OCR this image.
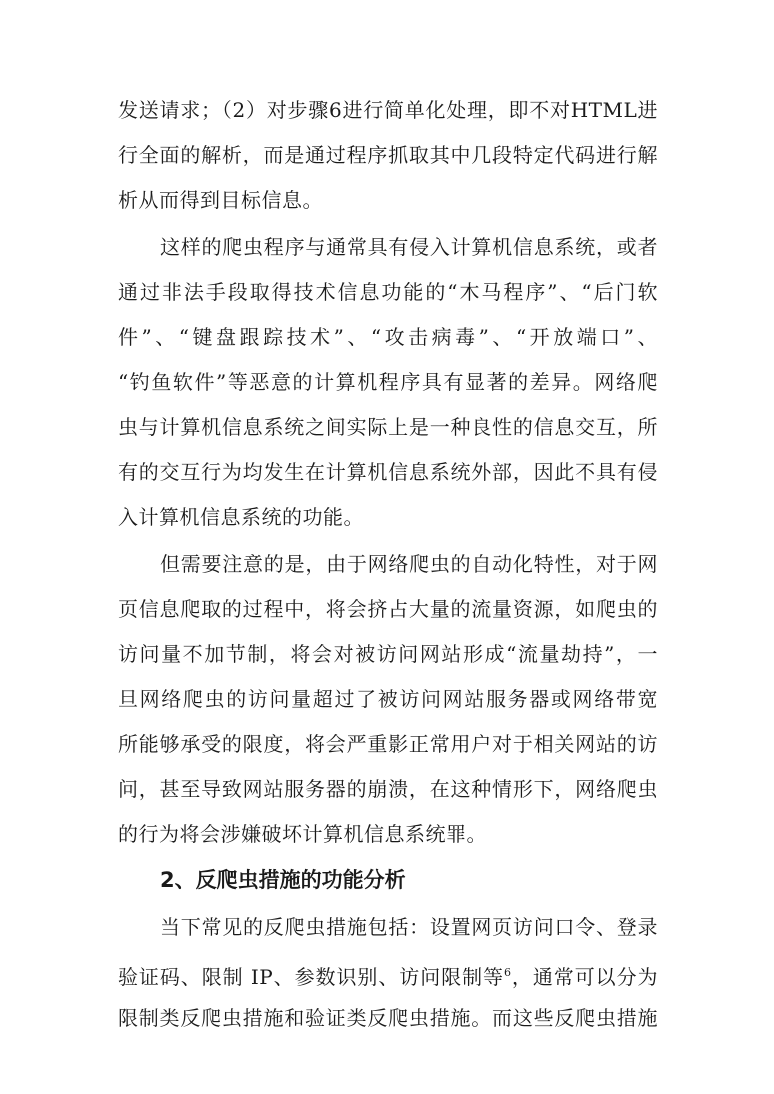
发送请求；（2）对步骤6进行简单化处理，即不对HTML进
行全面的解析，而是通过程序抓取其中几段特定代码进行解
析从而得到目标信息。
这样的爬虫程序与通常具有侵入计算机信息系统，或者
通过非法手段取得技术信息功能的“木马程序”、“后门软
件”、“键盘跟踪技术”、“攻击病毒”、“开放端口”、
“钓鱼软件”等恶意的计算机程序具有显著的差异。网络爬
虫与计算机信息系统之间实际上是一种良性的信息交互，所
有的交互行为均发生在计算机信息系统外部，因此不具有侵
入计算机信息系统的功能。
但需要注意的是，由于网络爬虫的自动化特性，对于网
页信息爬取的过程中，将会挤占大量的流量资源，如爬虫的
访问量不加节制，将会对被访问网站形成“流量劫持”，一
旦网络爬虫的访问量超过了被访问网站服务器或网络带宽
所能够承受的限度，将会严重影正常用户对于相关网站的访
问，甚至导致网站服务器的崩溃，在这种情形下，网络爬虫
的行为将会涉嫌破坏计算机信息系统罪。
2、反爬虫措施的功能分析
当下常见的反爬虫措施包括：设置网页访问口令、登录
验证码、限制 IP、参数识别、访问限制等$^6$，通常可以分为
限制类反爬虫措施和验证类反爬虫措施。而这些反爬虫措施
